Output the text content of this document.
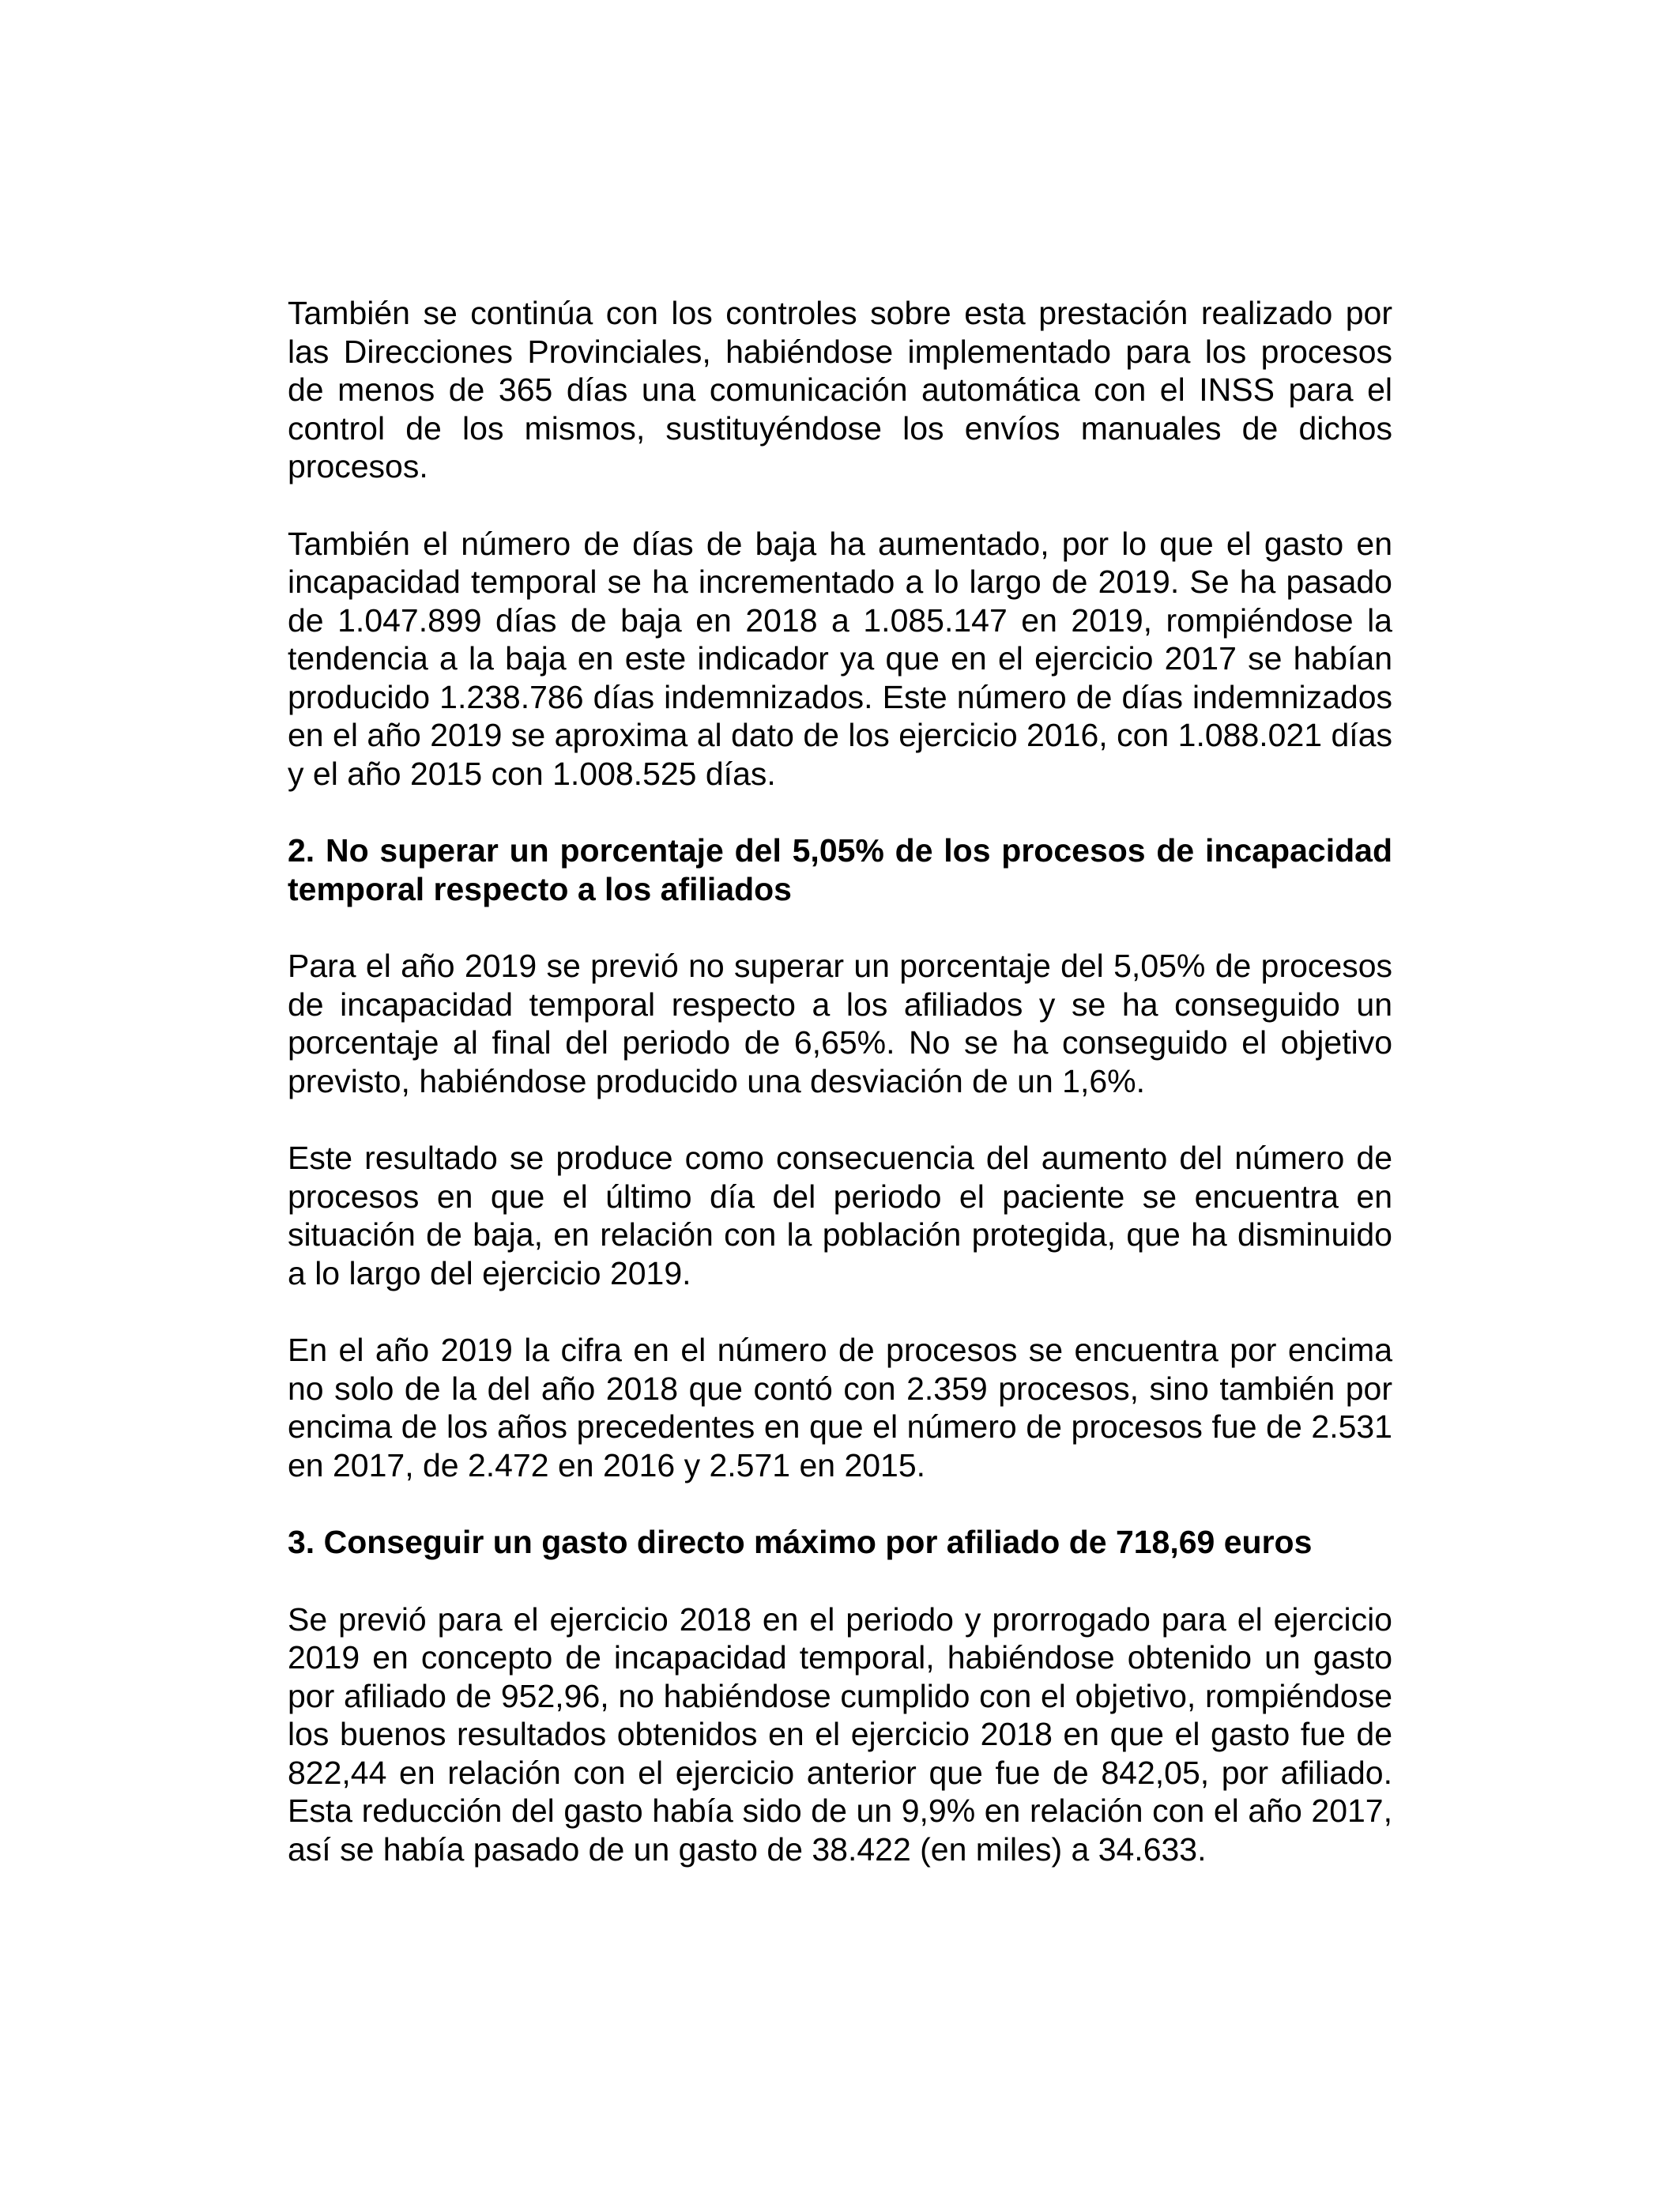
También se continúa con los controles sobre esta prestación realizado por las Direcciones Provinciales, habiéndose implementado para los procesos de menos de 365 días una comunicación automática con el INSS para el control de los mismos, sustituyéndose los envíos manuales de dichos procesos.

También el número de días de baja ha aumentado, por lo que el gasto en incapacidad temporal se ha incrementado a lo largo de 2019. Se ha pasado de 1.047.899 días de baja en 2018 a 1.085.147 en 2019, rompiéndose la tendencia a la baja en este indicador ya que en el ejercicio 2017 se habían producido 1.238.786 días indemnizados. Este número de días indemnizados en el año 2019 se aproxima al dato de los ejercicio 2016, con 1.088.021 días y el año 2015 con 1.008.525 días.

2. No superar un porcentaje del 5,05% de los procesos de incapacidad temporal respecto a los afiliados

Para el año 2019 se previó no superar un porcentaje del 5,05% de procesos de incapacidad temporal respecto a los afiliados y se ha conseguido un porcentaje al final del periodo de 6,65%. No se ha conseguido el objetivo previsto, habiéndose producido una desviación de un 1,6%.

Este resultado se produce como consecuencia del aumento del número de procesos en que el último día del periodo el paciente se encuentra en situación de baja, en relación con la población protegida, que ha disminuido a lo largo del ejercicio 2019.

En el año 2019 la cifra en el número de procesos se encuentra por encima no solo de la del año 2018 que contó con 2.359 procesos, sino también por encima de los años precedentes en que el número de procesos fue de 2.531 en 2017, de 2.472 en 2016 y 2.571 en 2015.

3. Conseguir un gasto directo máximo por afiliado de 718,69 euros

Se previó para el ejercicio 2018 en el periodo y prorrogado para el ejercicio 2019 en concepto de incapacidad temporal, habiéndose obtenido un gasto por afiliado de 952,96, no habiéndose cumplido con el objetivo, rompiéndose los buenos resultados obtenidos en el ejercicio 2018 en que el gasto fue de 822,44 en relación con el ejercicio anterior que fue de 842,05, por afiliado. Esta reducción del gasto había sido de un 9,9% en relación con el año 2017, así se había pasado de un gasto de 38.422 (en miles) a 34.633.
